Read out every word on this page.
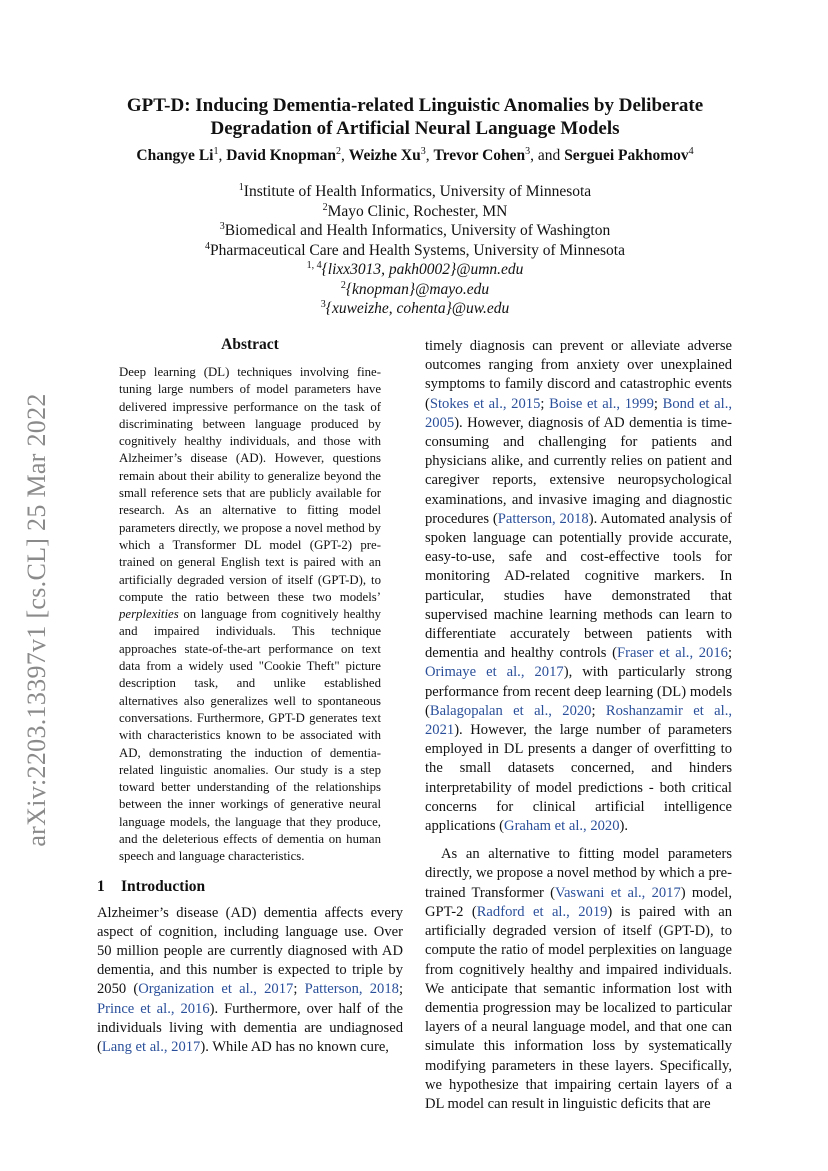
arXiv:2203.13397v1 [cs.CL] 25 Mar 2022
GPT-D: Inducing Dementia-related Linguistic Anomalies by Deliberate
Degradation of Artificial Neural Language Models
Changye Li$^1$, David Knopman$^2$, Weizhe Xu$^3$, Trevor Cohen$^3$, and Serguei Pakhomov$^4$
$^1$Institute of Health Informatics, University of Minnesota
$^2$Mayo Clinic, Rochester, MN
$^3$Biomedical and Health Informatics, University of Washington
$^4$Pharmaceutical Care and Health Systems, University of Minnesota
$^{1, 4}${lixx3013, pakh0002}@umn.edu
$^2${knopman}@mayo.edu
$^3${xuweizhe, cohenta}@uw.edu
Abstract

Deep learning (DL) techniques involving fine-tuning large numbers of model parameters have delivered impressive performance on the task of discriminating between language produced by cognitively healthy individuals, and those with Alzheimer’s disease (AD). However, questions remain about their ability to generalize beyond the small reference sets that are publicly available for research. As an alternative to fitting model parameters directly, we propose a novel method by which a Transformer DL model (GPT-2) pre-trained on general English text is paired with an artificially degraded version of itself (GPT-D), to compute the ratio between these two models’ perplexities on language from cognitively healthy and impaired individuals. This technique approaches state-of-the-art performance on text data from a widely used "Cookie Theft" picture description task, and unlike established alternatives also generalizes well to spontaneous conversations. Furthermore, GPT-D generates text with characteristics known to be associated with AD, demonstrating the induction of dementia-related linguistic anomalies. Our study is a step toward better understanding of the relationships between the inner workings of generative neural language models, the language that they produce, and the deleterious effects of dementia on human speech and language characteristics.

1 Introduction

Alzheimer’s disease (AD) dementia affects every aspect of cognition, including language use. Over 50 million people are currently diagnosed with AD dementia, and this number is expected to triple by 2050 (Organization et al., 2017; Patterson, 2018; Prince et al., 2016). Furthermore, over half of the individuals living with dementia are undiagnosed (Lang et al., 2017). While AD has no known cure,

timely diagnosis can prevent or alleviate adverse outcomes ranging from anxiety over unexplained symptoms to family discord and catastrophic events (Stokes et al., 2015; Boise et al., 1999; Bond et al., 2005). However, diagnosis of AD dementia is time-consuming and challenging for patients and physicians alike, and currently relies on patient and caregiver reports, extensive neuropsychological examinations, and invasive imaging and diagnostic procedures (Patterson, 2018). Automated analysis of spoken language can potentially provide accurate, easy-to-use, safe and cost-effective tools for monitoring AD-related cognitive markers. In particular, studies have demonstrated that supervised machine learning methods can learn to differentiate accurately between patients with dementia and healthy controls (Fraser et al., 2016; Orimaye et al., 2017), with particularly strong performance from recent deep learning (DL) models (Balagopalan et al., 2020; Roshanzamir et al., 2021). However, the large number of parameters employed in DL presents a danger of overfitting to the small datasets concerned, and hinders interpretability of model predictions - both critical concerns for clinical artificial intelligence applications (Graham et al., 2020).

As an alternative to fitting model parameters directly, we propose a novel method by which a pre-trained Transformer (Vaswani et al., 2017) model, GPT-2 (Radford et al., 2019) is paired with an artificially degraded version of itself (GPT-D), to compute the ratio of model perplexities on language from cognitively healthy and impaired individuals. We anticipate that semantic information lost with dementia progression may be localized to particular layers of a neural language model, and that one can simulate this information loss by systematically modifying parameters in these layers. Specifically, we hypothesize that impairing certain layers of a DL model can result in linguistic deficits that are
